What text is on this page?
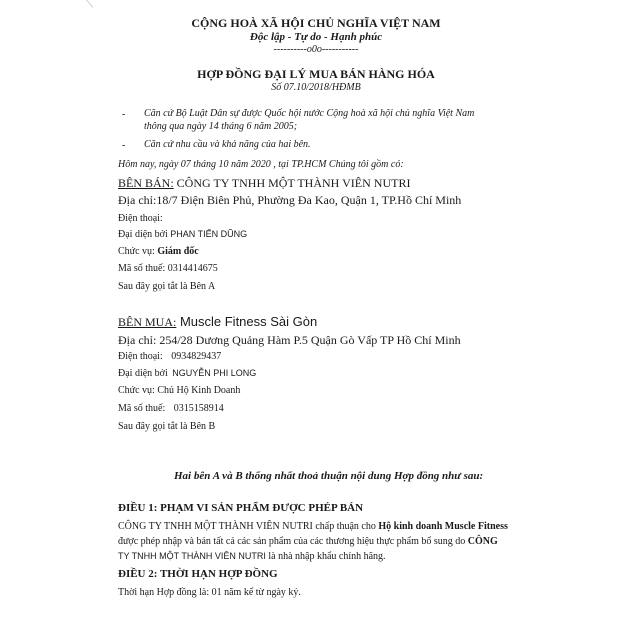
CỘNG HOÀ XÃ HỘI CHỦ NGHĨA VIỆT NAM
Độc lập - Tự do - Hạnh phúc
----------o0o-----------
HỢP ĐỒNG ĐẠI LÝ MUA BÁN HÀNG HÓA
Số 07.10/2018/HĐMB
- Căn cứ Bộ Luật Dân sự được Quốc hội nước Cộng hoà xã hội chủ nghĩa Việt Nam
thông qua ngày 14 tháng 6 năm 2005;
- Căn cứ nhu cầu và khả năng của hai bên.
Hôm nay, ngày 07 tháng 10 năm 2020 , tại TP.HCM Chúng tôi gồm có:
BÊN BÁN: CÔNG TY TNHH MỘT THÀNH VIÊN NUTRI
Địa chỉ:18/7 Điện Biên Phủ, Phường Đa Kao, Quận 1, TP.Hồ Chí Minh
Điện thoại:
Đại diện bởi PHAN TIẾN DŨNG
Chức vụ: Giám đốc
Mã số thuế: 0314414675
Sau đây gọi tắt là Bên A
BÊN MUA: Muscle Fitness Sài Gòn
Địa chỉ: 254/28 Dương Quảng Hàm P.5 Quận Gò Vấp TP Hồ Chí Minh
Điện thoại: 0934829437
Đại diện bởi NGUYỄN PHI LONG
Chức vụ: Chủ Hộ Kinh Doanh
Mã số thuế: 0315158914
Sau đây gọi tắt là Bên B
Hai bên A và B thống nhất thoả thuận nội dung Hợp đồng như sau:
ĐIỀU 1: PHẠM VI SẢN PHẨM ĐƯỢC PHÉP BÁN
CÔNG TY TNHH MỘT THÀNH VIÊN NUTRI chấp thuận cho Hộ kinh doanh Muscle Fitness
được phép nhập và bán tất cả các sản phẩm của các thương hiệu thực phẩm bổ sung do CÔNG
TY TNHH MỘT THÀNH VIÊN NUTRI là nhà nhập khẩu chính hãng.
ĐIỀU 2: THỜI HẠN HỢP ĐỒNG
Thời hạn Hợp đồng là: 01 năm kể từ ngày ký.
